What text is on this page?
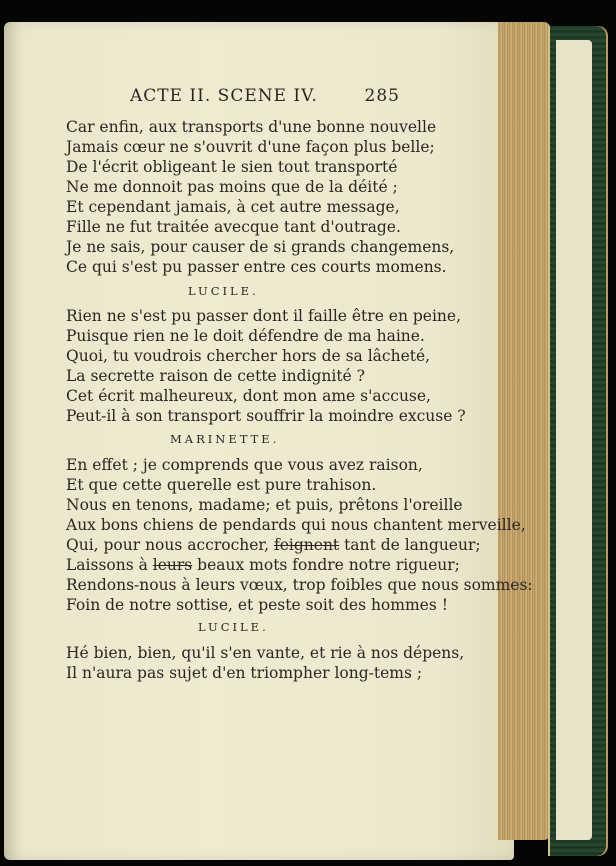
ACTE II. SCENE IV.	285
Car enfin, aux transports d'une bonne nouvelle
Jamais cœur ne s'ouvrit d'une façon plus belle;
De l'écrit obligeant le sien tout transporté
Ne me donnoit pas moins que de la déité ;
Et cependant jamais, à cet autre message,
Fille ne fut traitée avecque tant d'outrage.
Je ne sais, pour causer de si grands changemens,
Ce qui s'est pu passer entre ces courts momens.
LUCILE.
Rien ne s'est pu passer dont il faille être en peine,
Puisque rien ne le doit défendre de ma haine.
Quoi, tu voudrois chercher hors de sa lâcheté,
La secrette raison de cette indignité ?
Cet écrit malheureux, dont mon ame s'accuse,
Peut-il à son transport souffrir la moindre excuse ?
MARINETTE.
En effet ; je comprends que vous avez raison,
Et que cette querelle est pure trahison.
Nous en tenons, madame; et puis, prêtons l'oreille
Aux bons chiens de pendards qui nous chantent merveille,
Qui, pour nous accrocher, feignent tant de langueur;
Laissons à leurs beaux mots fondre notre rigueur;
Rendons-nous à leurs vœux, trop foibles que nous sommes:
Foin de notre sottise, et peste soit des hommes !
LUCILE.
Hé bien, bien, qu'il s'en vante, et rie à nos dépens,
Il n'aura pas sujet d'en triompher long-tems ;
